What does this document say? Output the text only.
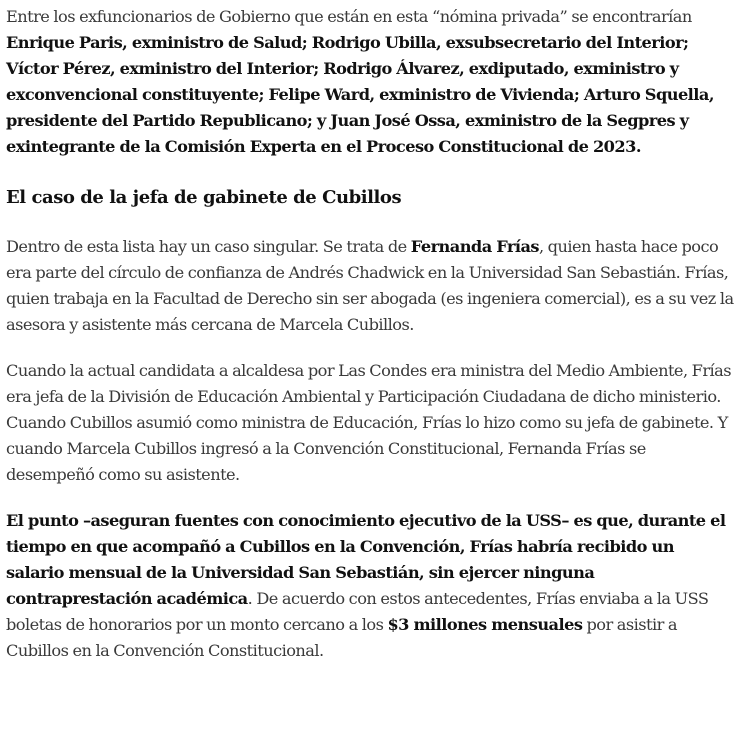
Entre los exfuncionarios de Gobierno que están en esta “nómina privada” se encontrarían Enrique Paris, exministro de Salud; Rodrigo Ubilla, exsubsecretario del Interior; Víctor Pérez, exministro del Interior; Rodrigo Álvarez, exdiputado, exministro y exconvencional constituyente; Felipe Ward, exministro de Vivienda; Arturo Squella, presidente del Partido Republicano; y Juan José Ossa, exministro de la Segpres y exintegrante de la Comisión Experta en el Proceso Constitucional de 2023.

El caso de la jefa de gabinete de Cubillos

Dentro de esta lista hay un caso singular. Se trata de Fernanda Frías, quien hasta hace poco era parte del círculo de confianza de Andrés Chadwick en la Universidad San Sebastián. Frías, quien trabaja en la Facultad de Derecho sin ser abogada (es ingeniera comercial), es a su vez la asesora y asistente más cercana de Marcela Cubillos.

Cuando la actual candidata a alcaldesa por Las Condes era ministra del Medio Ambiente, Frías era jefa de la División de Educación Ambiental y Participación Ciudadana de dicho ministerio. Cuando Cubillos asumió como ministra de Educación, Frías lo hizo como su jefa de gabinete. Y cuando Marcela Cubillos ingresó a la Convención Constitucional, Fernanda Frías se desempeñó como su asistente.

El punto –aseguran fuentes con conocimiento ejecutivo de la USS– es que, durante el tiempo en que acompañó a Cubillos en la Convención, Frías habría recibido un salario mensual de la Universidad San Sebastián, sin ejercer ninguna contraprestación académica. De acuerdo con estos antecedentes, Frías enviaba a la USS boletas de honorarios por un monto cercano a los $3 millones mensuales por asistir a Cubillos en la Convención Constitucional.
